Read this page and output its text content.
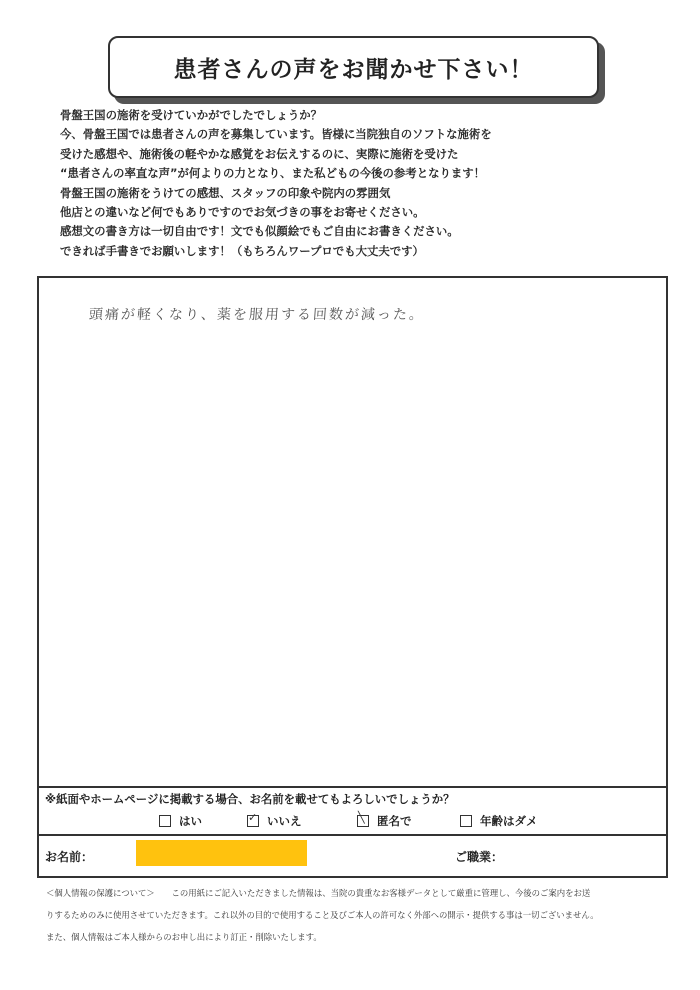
患者さんの声をお聞かせ下さい！
骨盤王国の施術を受けていかがでしたでしょうか？
今、骨盤王国では患者さんの声を募集しています。皆様に当院独自のソフトな施術を
受けた感想や、施術後の軽やかな感覚をお伝えするのに、実際に施術を受けた
“患者さんの率直な声”が何よりの力となり、また私どもの今後の参考となります！
骨盤王国の施術をうけての感想、スタッフの印象や院内の雰囲気
他店との違いなど何でもありですのでお気づきの事をお寄せください。
感想文の書き方は一切自由です！文でも似顔絵でもご自由にお書きください。
できれば手書きでお願いします！（もちろんワープロでも大丈夫です）
頭痛が軽くなり、薬を服用する回数が減った。
※紙面やホームページに掲載する場合、お名前を載せてもよろしいでしょうか？
はい	✓ いいえ	╲ 匿名で	年齢はダメ
お名前：	ご職業：
＜個人情報の保護について＞　　この用紙にご記入いただきました情報は、当院の貴重なお客様データとして厳重に管理し、今後のご案内をお送
りするためのみに使用させていただきます。これ以外の目的で使用すること及びご本人の許可なく外部への開示・提供する事は一切ございません。
また、個人情報はご本人様からのお申し出により訂正・削除いたします。
